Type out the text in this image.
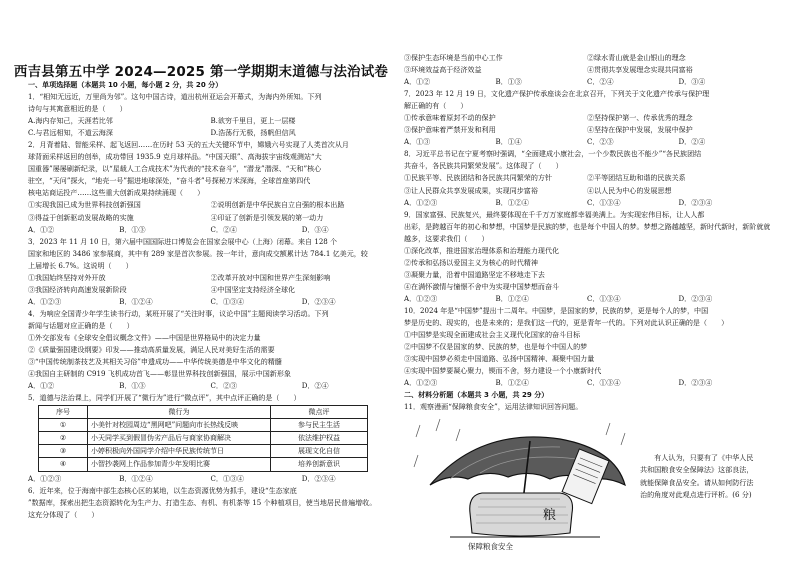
西吉县第五中学 2024—2025 第一学期期末道德与法治试卷
一、单项选择题（本题共 10 小题，每小题 2 分，共 20 分）
1．“相知无远近，万里尚为邻”。这句中国古诗，道出杭州亚运会开幕式，为海内外所知。下列
诗句与其寓意相近的是（　　）
A.海内存知己，天涯若比邻	B.欲穷千里目，更上一层楼
C.与君远相知，不道云海深	D.浩荡行无极，扬帆但信风
2．月背着陆、智能采样、起飞返回……在历时 53 天的五大关键环节中，嫦娥六号实现了人类首次从月
球背面采样返回的创举，成功带回 1935.9 克月球样品。“中国天眼”、高海拔宇宙线观测站“大
国重器”屡屡刷新纪录，以“星载人工合成技术”为代表的“技术奋斗”，“潜龙”潜深、“天和”核心
驻空，“天问”探火，“地壳一号”掘进地球深处，“奋斗者”号探秘万米深海，全球首座第四代
核电站商运投产……这些重大创新成果持续涌现（　　）
①实现我国已成为世界科技创新强国	②说明创新是中华民族自立自强的根本出路
③得益于创新驱动发展战略的实施	④印证了创新是引领发展的第一动力
A．①②	B．①③	C．②④	D．③④
3．2023 年 11 月 10 日，第六届中国国际进口博览会在国家会展中心（上海）闭幕。来自 128 个
国家和地区的 3486 家参展商，其中有 289 家是首次参展。按一年计，意向成交额累计达 784.1 亿美元，较
上届增长 6.7%。这说明（　　）
①我国始终坚持对外开放	②改革开放对中国和世界产生深刻影响
③我国经济转向高速发展新阶段	④中国坚定支持经济全球化
A．①②③	B．①②④	C．①③④	D．②③④
4．为响应全国青少年学生读书行动，某班开展了“关注时事，议论中国”主题阅读学习活动。下列
新闻与话题对应正确的是（　　）
①外交部发布《全球安全倡议概念文件》——中国是世界格局中的决定力量
②《质量强国建设纲要》印发——推动高质量发展，满足人民对美好生活的需要
③“中国传统制茶技艺及其相关习俗”申遗成功——中华传统美德是中华文化的精髓
④我国自主研制的 C919 飞机成功首飞——彰显世界科技创新强国，展示中国新形象
A．①②	B．①③	C．②③	D．②④
5．道德与法治课上，同学们开展了“微行为”进行“微点评”，其中点评正确的是（　　）
序号	微行为	微点评
①	小美针对校园周边“黑网吧”问题向市长热线反映	参与民主生活
②	小天同学买到假冒伪劣产品后与商家协商解决	依法维护权益
③	小婷积极向外国同学介绍中华民族传统节日	展现文化自信
④	小智抄袭网上作品参加青少年发明比赛	培养创新意识
A．①②③	B．①②④	C．①③④	D．②③④
6．近年来，位于海南中部生态核心区的某地，以生态资源优势为抓手，建设“生态家底
”数据库，探索出把生态资源转化为生产力、打造生态、有机、有机茶等 15 个种植项目，使当地居民普遍增收。
这充分体现了（　　）
③保护生态环境是当前中心工作	②绿水青山就是金山银山的理念
③环境效益高于经济效益	④贯彻共享发展理念实现共同富裕
A．①②	B．①③	C．②④	D．③④
7．2023 年 12 月 19 日，文化遗产保护传承座谈会在北京召开，下列关于文化遗产传承与保护理
解正确的有（　　）
①传承意味着原封不动的保护	②坚持保护第一、传承优秀的理念
③保护意味着严禁开发和利用	④坚持在保护中发展，发展中保护
A．①③	B．①④	C．②③	D．②④
8．习近平总书记在宁夏考察时强调，“全面建成小康社会，一个少数民族也不能少”“各民族团结
共奋斗，各民族共同繁荣发展”。这体现了（　　）
①民族平等、民族团结和各民族共同繁荣的方针	②平等团结互助和谐的民族关系
③让人民群众共享发展成果，实现同步富裕	④以人民为中心的发展思想
A．①②③	B．①②④	C．①③④	D．②③④
9．国家富强、民族复兴，最终要体现在千千万万家庭都幸福美满上。为实现宏伟目标，让人人都
出彩，是跨越百年的初心和梦想，中国梦是民族的梦，也是每个中国人的梦。梦想之路越越坚，新时代新时，新阶就就
越多，这要求我们（　　）
①深化改革，推进国家治理体系和治理能力现代化
②传承和弘扬以爱国主义为核心的时代精神
③凝聚力量，沿着中国道路坚定不移地走下去
④在满怀激情与憧憬不舍中为实现中国梦想而奋斗
A．①②③	B．①②④	C．①③④	D．②③④
10．2024 年是“中国梦”提出十二周年。中国梦，是国家的梦，民族的梦，更是每个人的梦，中国
梦是历史的、现实的，也是未来的；是我们这一代的，更是青年一代的。下列对此认识正确的是（　　）
①中国梦是实现全面建成社会主义现代化国家的奋斗目标
②中国梦不仅是国家的梦、民族的梦，也是每个中国人的梦
③实现中国梦必须走中国道路、弘扬中国精神、凝聚中国力量
④实现中国梦要凝心聚力，锲而不舍，努力建设一个小康新时代
A．①②③	B．①②④	C．①③④	D．②③④
二、材料分析题（本题共 3 小题，共 29 分）
11．观察漫画“保障粮食安全”，运用法律知识回答问题。
粮
保障粮食安全
　　有人认为，只要有了《中华人民
共和国粮食安全保障法》这部良法，
就能保障食品安全。请从如何防行法
治的角度对此观点进行评析。(6 分)
